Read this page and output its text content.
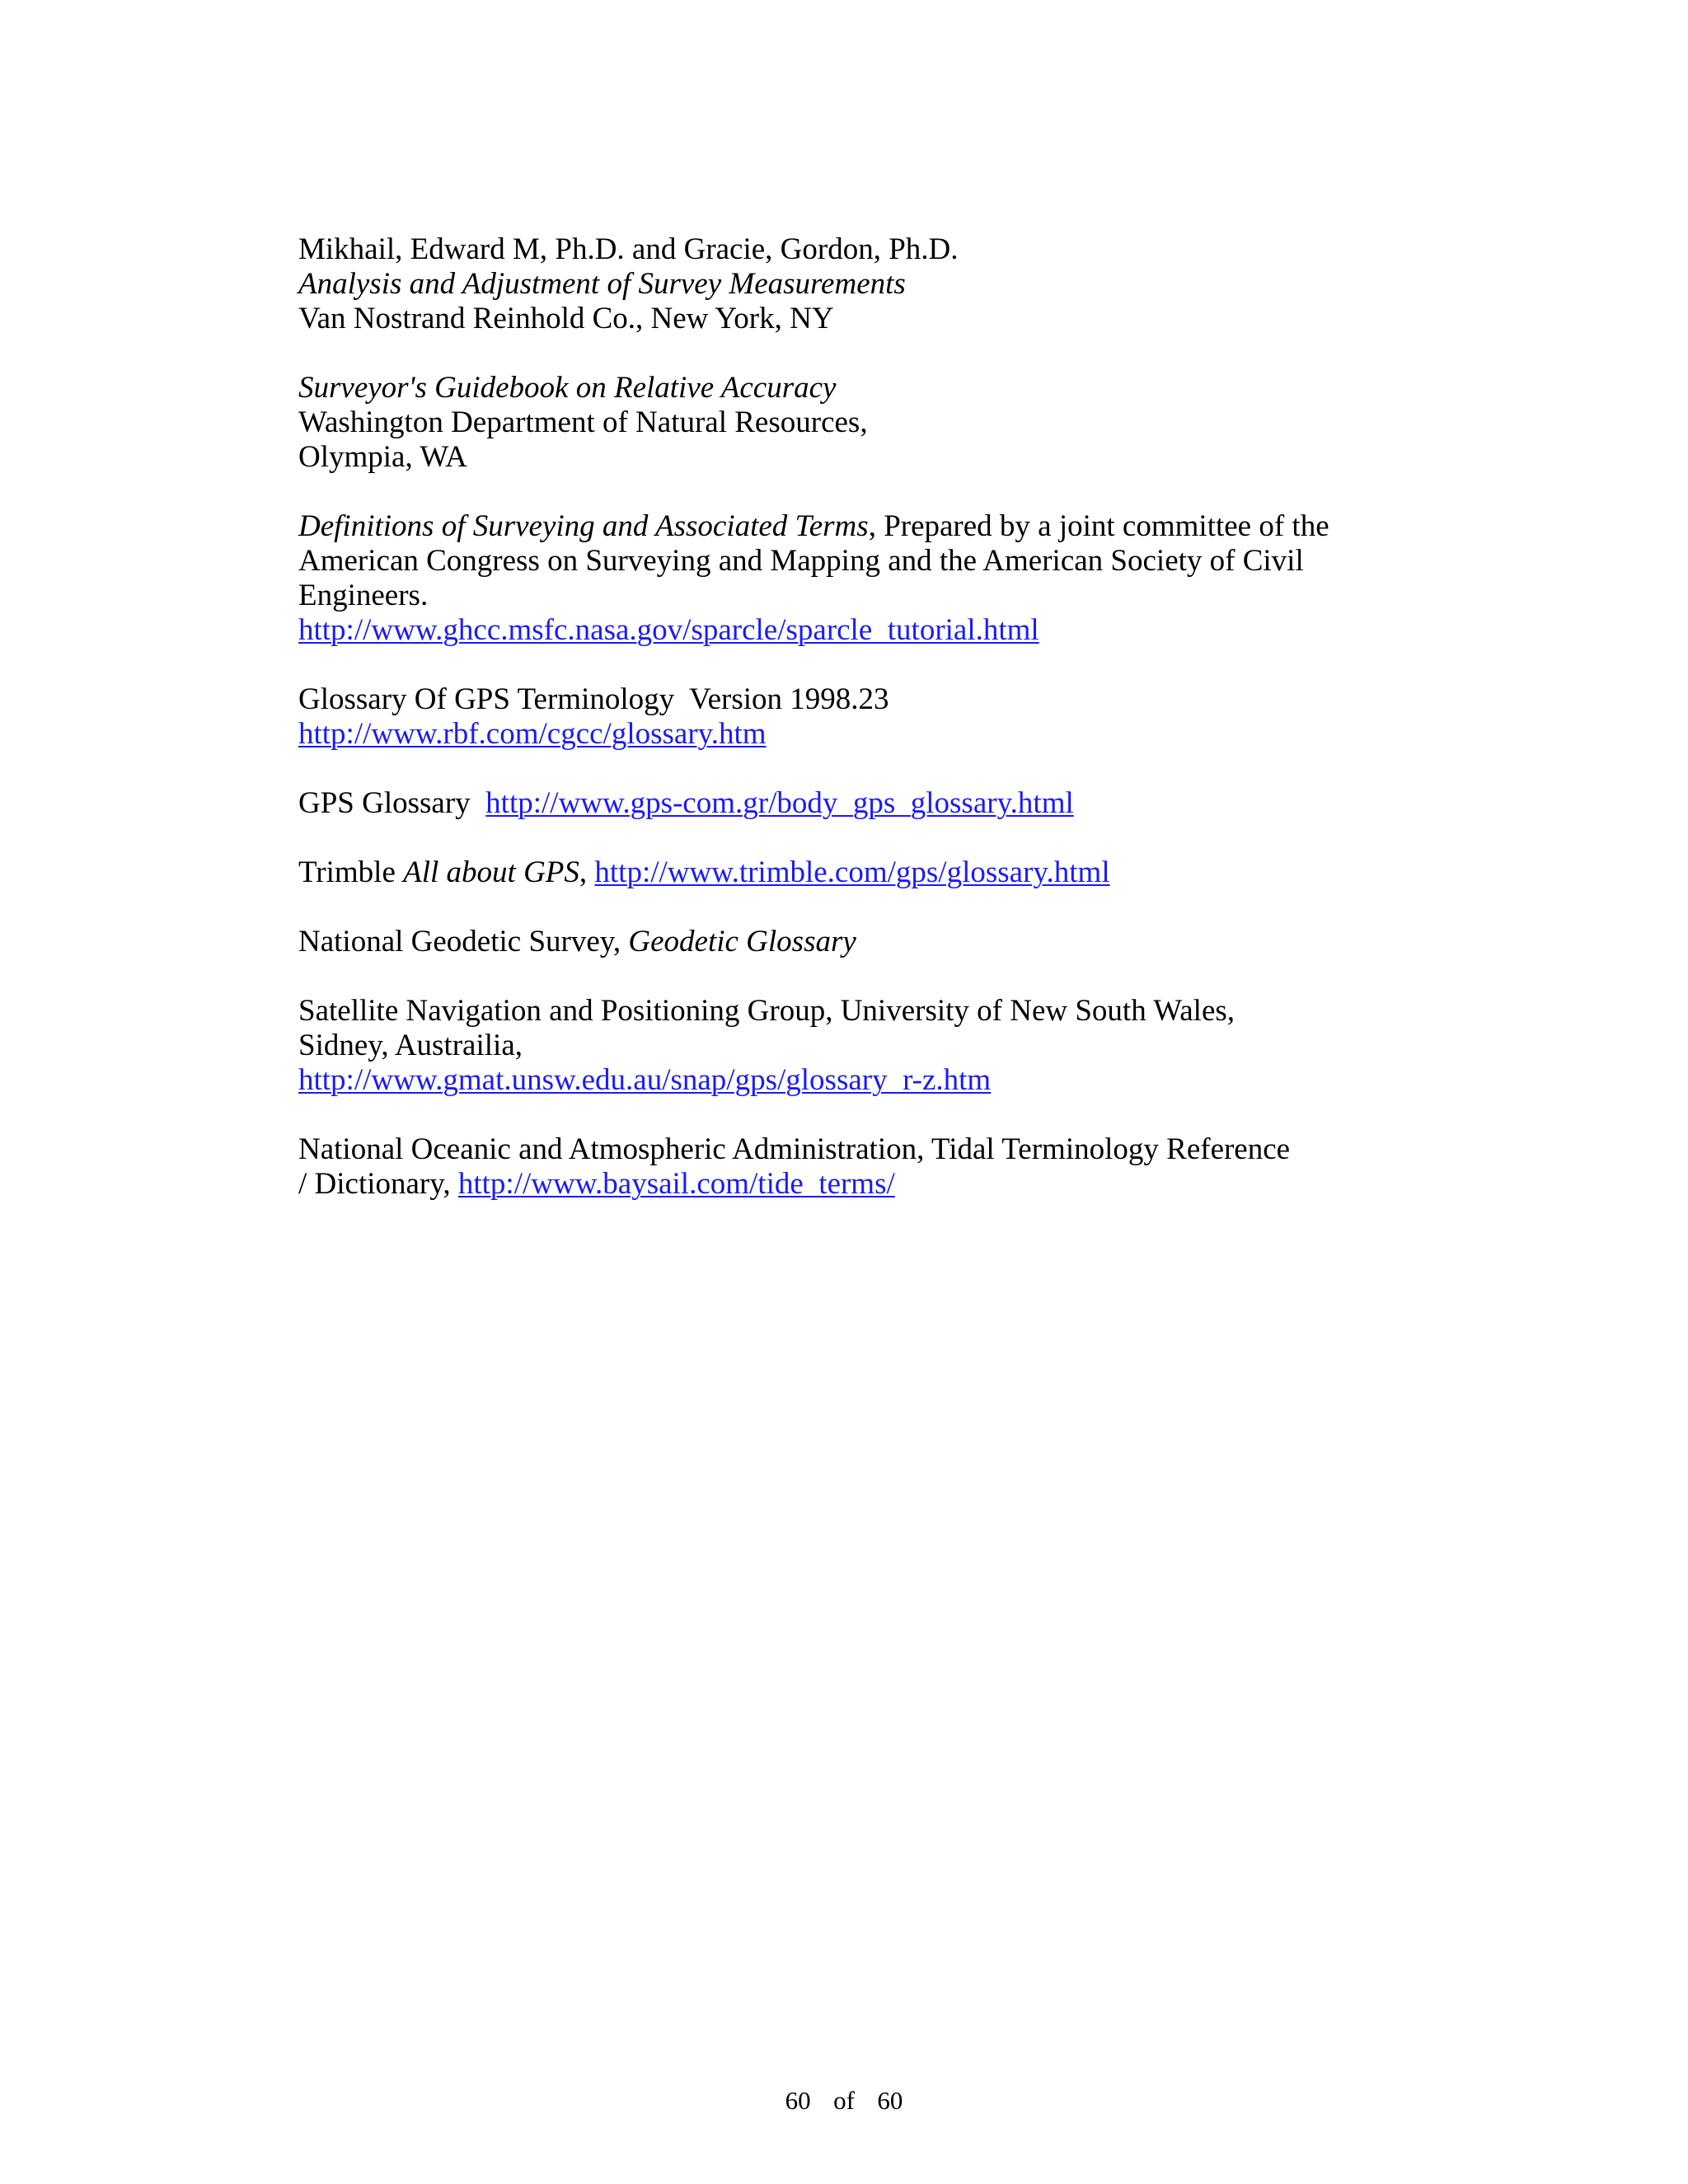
Mikhail, Edward M, Ph.D. and Gracie, Gordon, Ph.D.
Analysis and Adjustment of Survey Measurements
Van Nostrand Reinhold Co., New York, NY
Surveyor's Guidebook on Relative Accuracy
Washington Department of Natural Resources,
Olympia, WA
Definitions of Surveying and Associated Terms, Prepared by a joint committee of the American Congress on Surveying and Mapping and the American Society of Civil Engineers.
http://www.ghcc.msfc.nasa.gov/sparcle/sparcle_tutorial.html
Glossary Of GPS Terminology  Version 1998.23
http://www.rbf.com/cgcc/glossary.htm
GPS Glossary  http://www.gps-com.gr/body_gps_glossary.html
Trimble All about GPS, http://www.trimble.com/gps/glossary.html
National Geodetic Survey, Geodetic Glossary
Satellite Navigation and Positioning Group, University of New South Wales,
Sidney, Austrailia,
http://www.gmat.unsw.edu.au/snap/gps/glossary_r-z.htm
National Oceanic and Atmospheric Administration, Tidal Terminology Reference
/ Dictionary, http://www.baysail.com/tide_terms/
60  of  60
